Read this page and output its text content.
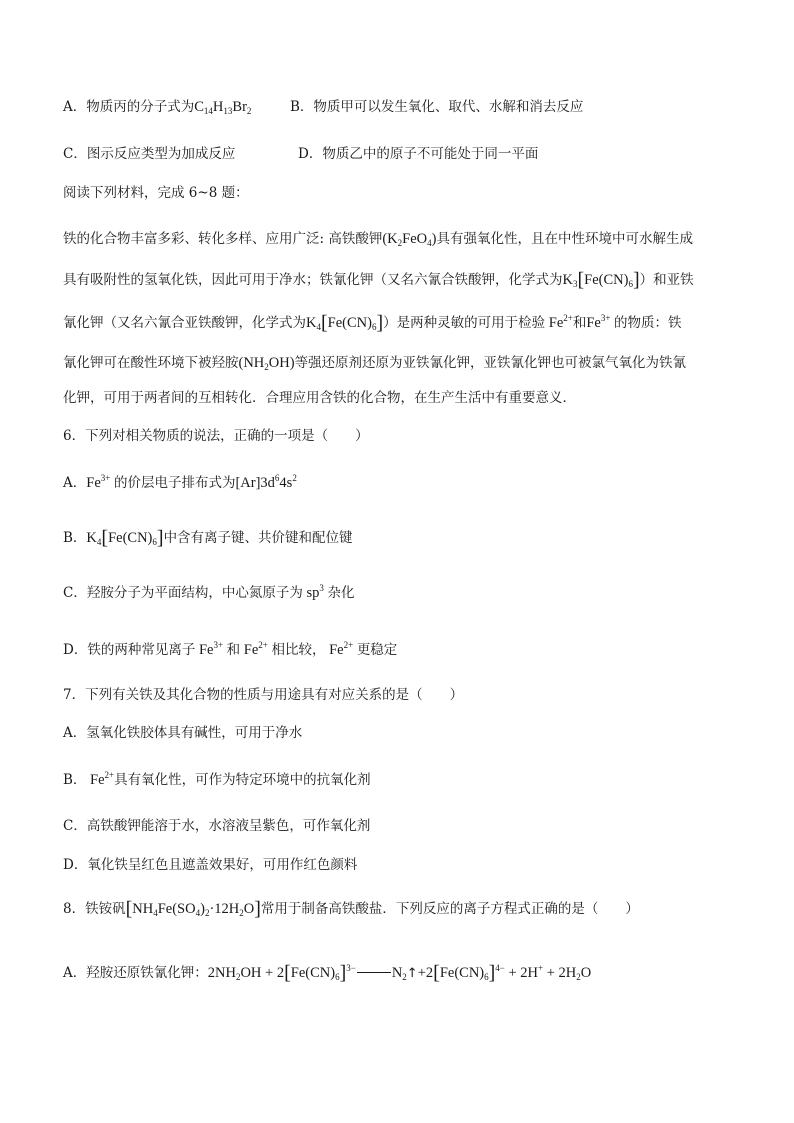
A．物质丙的分子式为$C_{14}H_{13}Br_2$	B．物质甲可以发生氧化、取代、水解和消去反应
C．图示反应类型为加成反应	D．物质乙中的原子不可能处于同一平面
阅读下列材料，完成 6~8 题：
铁的化合物丰富多彩、转化多样、应用广泛: 高铁酸钾$(K_2FeO_4)$具有强氧化性，且在中性环境中可水解生成
具有吸附性的氢氧化铁，因此可用于净水；铁氰化钾（又名六氰合铁酸钾，化学式为$K_3[Fe(CN)_6]$）和亚铁
氰化钾（又名六氰合亚铁酸钾，化学式为$K_4[Fe(CN)_6]$）是两种灵敏的可用于检验 $Fe^{2+}$和$Fe^{3+}$ 的物质：铁
氰化钾可在酸性环境下被羟胺$(NH_2OH)$等强还原剂还原为亚铁氰化钾，亚铁氰化钾也可被氯气氧化为铁氰
化钾，可用于两者间的互相转化．合理应用含铁的化合物，在生产生活中有重要意义．
6．下列对相关物质的说法，正确的一项是（　　）
A．$Fe^{3+}$ 的价层电子排布式为$[Ar]3d^64s^2$
B．$K_4[Fe(CN)_6]$中含有离子键、共价键和配位键
C．羟胺分子为平面结构，中心氮原子为 $sp^3$ 杂化
D．铁的两种常见离子 $Fe^{3+}$ 和 $Fe^{2+}$ 相比较， $Fe^{2+}$ 更稳定
7．下列有关铁及其化合物的性质与用途具有对应关系的是（　　）
A．氢氧化铁胶体具有碱性，可用于净水
B． $Fe^{2+}$具有氧化性，可作为特定环境中的抗氧化剂
C．高铁酸钾能溶于水，水溶液呈紫色，可作氧化剂
D．氧化铁呈红色且遮盖效果好，可用作红色颜料
8．铁铵矾$[NH_4Fe(SO_4)_2\cdot 12H_2O]$常用于制备高铁酸盐．下列反应的离子方程式正确的是（　　）
A．羟胺还原铁氰化钾：$2NH_2OH + 2[Fe(CN)_6]^{3-}$ $N_2↑+2[Fe(CN)_6]^{4-} + 2H^+ + 2H_2O$
